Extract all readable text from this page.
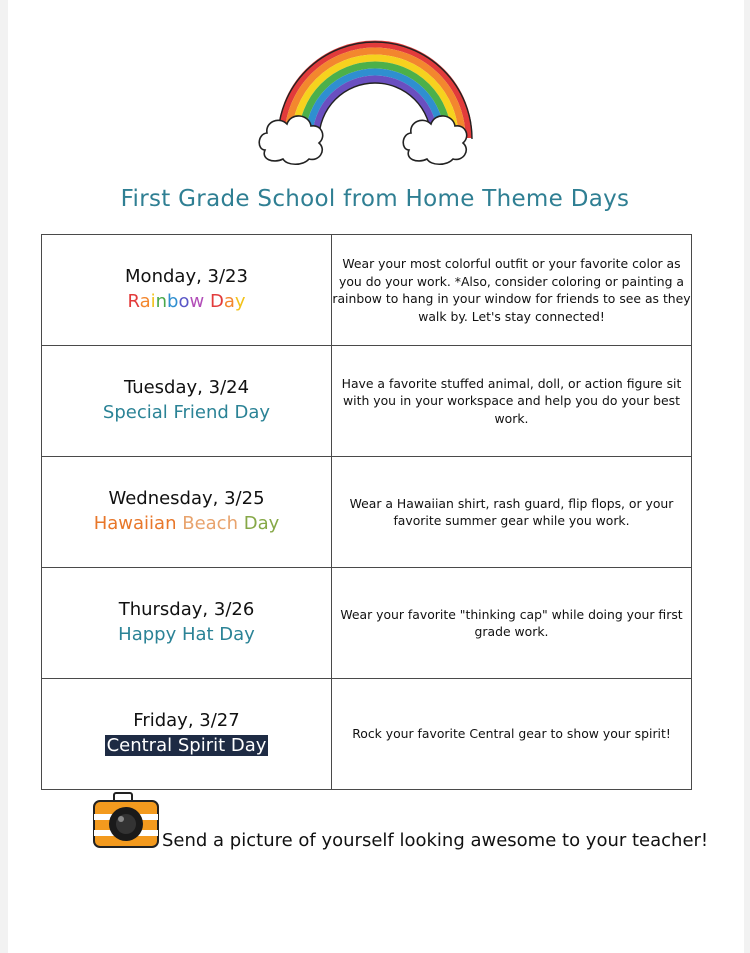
First Grade School from Home Theme Days
Monday, 3/23
Rainbow Day	Wear your most colorful outfit or your favorite color as you do your work. *Also, consider coloring or painting a rainbow to hang in your window for friends to see as they walk by. Let's stay connected!

Tuesday, 3/24
Special Friend Day	Have a favorite stuffed animal, doll, or action figure sit with you in your workspace and help you do your best work.

Wednesday, 3/25
Hawaiian Beach Day	Wear a Hawaiian shirt, rash guard, flip flops, or your favorite summer gear while you work.

Thursday, 3/26
Happy Hat Day	Wear your favorite "thinking cap" while doing your first grade work.

Friday, 3/27
Central Spirit Day	Rock your favorite Central gear to show your spirit!
Send a picture of yourself looking awesome to your teacher!
